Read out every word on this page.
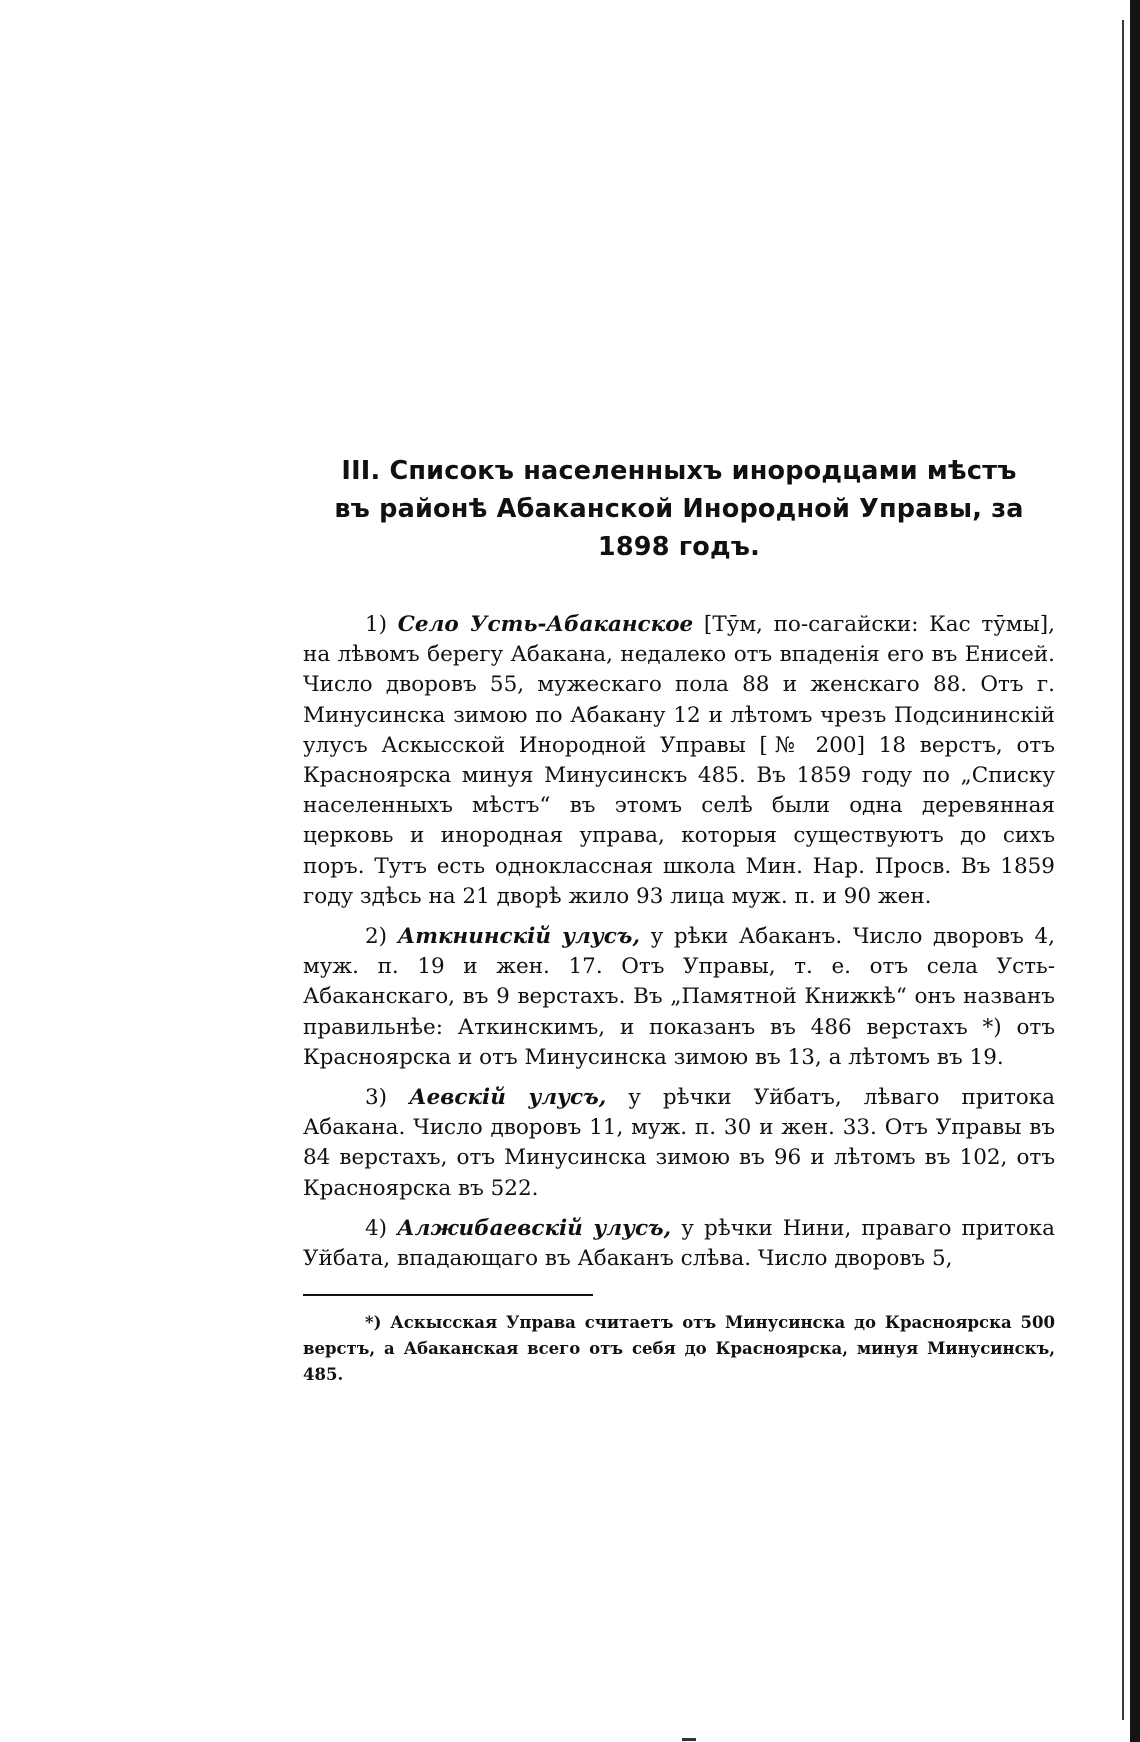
III. Списокъ населенныхъ инородцами мѣстъ
въ районѣ Абаканской Инородной Управы, за
1898 годъ.

1) Село Усть-Абаканское [Тӯм, по-сагайски: Кас тӯмы], на лѣвомъ берегу Абакана, недалеко отъ впаденія его въ Енисей. Число дворовъ 55, мужескаго пола 88 и женскаго 88. Отъ г. Минусинска зимою по Абакану 12 и лѣтомъ чрезъ Подсининскій улусъ Аскысской Инородной Управы [№ 200] 18 верстъ, отъ Красноярска минуя Минусинскъ 485. Въ 1859 году по „Списку населенныхъ мѣстъ“ въ этомъ селѣ были одна деревянная церковь и инородная управа, которыя существуютъ до сихъ поръ. Тутъ есть одноклассная школа Мин. Нар. Просв. Въ 1859 году здѣсь на 21 дворѣ жило 93 лица муж. п. и 90 жен.

2) Аткнинскій улусъ, у рѣки Абаканъ. Число дворовъ 4, муж. п. 19 и жен. 17. Отъ Управы, т. е. отъ села Усть-Абаканскаго, въ 9 верстахъ. Въ „Памятной Книжкѣ“ онъ названъ правильнѣе: Аткинскимъ, и показанъ въ 486 верстахъ *) отъ Красноярска и отъ Минусинска зимою въ 13, а лѣтомъ въ 19.

3) Аевскій улусъ, у рѣчки Уйбатъ, лѣваго притока Абакана. Число дворовъ 11, муж. п. 30 и жен. 33. Отъ Управы въ 84 верстахъ, отъ Минусинска зимою въ 96 и лѣтомъ въ 102, отъ Красноярска въ 522.

4) Алжибаевскій улусъ, у рѣчки Нини, праваго притока Уйбата, впадающаго въ Абаканъ слѣва. Число дворовъ 5,

*) Аскысская Управа считаетъ отъ Минусинска до Красноярска 500 верстъ, а Абаканская всего отъ себя до Красноярска, минуя Минусинскъ, 485.
